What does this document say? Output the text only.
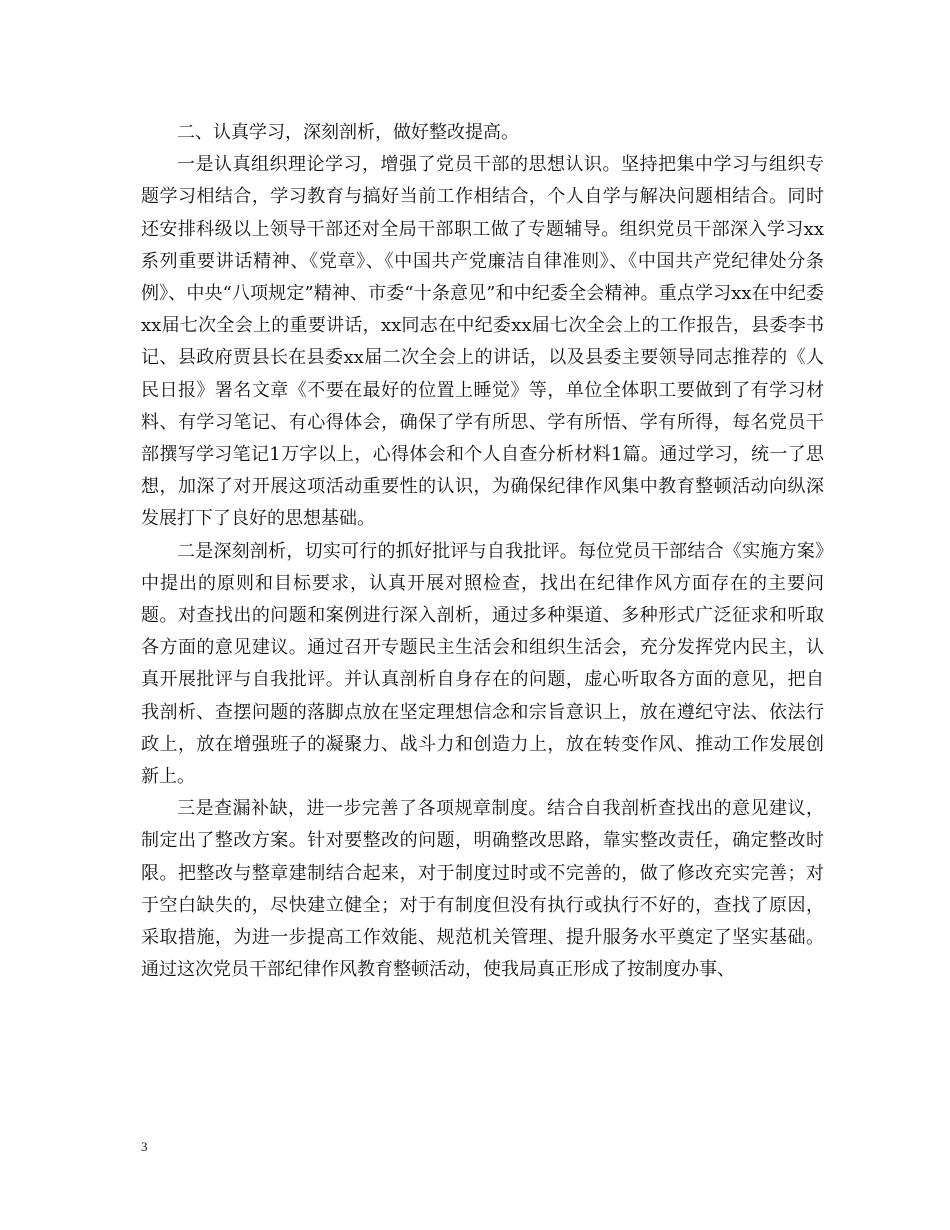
二、认真学习，深刻剖析，做好整改提高。

一是认真组织理论学习，增强了党员干部的思想认识。坚持把集中学习与组织专题学习相结合，学习教育与搞好当前工作相结合，个人自学与解决问题相结合。同时还安排科级以上领导干部还对全局干部职工做了专题辅导。组织党员干部深入学习xx系列重要讲话精神、《党章》、《中国共产党廉洁自律准则》、《中国共产党纪律处分条例》、中央“八项规定”精神、市委“十条意见”和中纪委全会精神。重点学习xx在中纪委xx届七次全会上的重要讲话，xx同志在中纪委xx届七次全会上的工作报告，县委李书记、县政府贾县长在县委xx届二次全会上的讲话，以及县委主要领导同志推荐的《人民日报》署名文章《不要在最好的位置上睡觉》等，单位全体职工要做到了有学习材料、有学习笔记、有心得体会，确保了学有所思、学有所悟、学有所得，每名党员干部撰写学习笔记1万字以上，心得体会和个人自查分析材料1篇。通过学习，统一了思想，加深了对开展这项活动重要性的认识，为确保纪律作风集中教育整顿活动向纵深发展打下了良好的思想基础。

二是深刻剖析，切实可行的抓好批评与自我批评。每位党员干部结合《实施方案》中提出的原则和目标要求，认真开展对照检查，找出在纪律作风方面存在的主要问题。对查找出的问题和案例进行深入剖析，通过多种渠道、多种形式广泛征求和听取各方面的意见建议。通过召开专题民主生活会和组织生活会，充分发挥党内民主，认真开展批评与自我批评。并认真剖析自身存在的问题，虚心听取各方面的意见，把自我剖析、查摆问题的落脚点放在坚定理想信念和宗旨意识上，放在遵纪守法、依法行政上，放在增强班子的凝聚力、战斗力和创造力上，放在转变作风、推动工作发展创新上。

三是查漏补缺，进一步完善了各项规章制度。结合自我剖析查找出的意见建议，制定出了整改方案。针对要整改的问题，明确整改思路，靠实整改责任，确定整改时限。把整改与整章建制结合起来，对于制度过时或不完善的，做了修改充实完善；对于空白缺失的，尽快建立健全；对于有制度但没有执行或执行不好的，查找了原因，采取措施，为进一步提高工作效能、规范机关管理、提升服务水平奠定了坚实基础。通过这次党员干部纪律作风教育整顿活动，使我局真正形成了按制度办事、

3
